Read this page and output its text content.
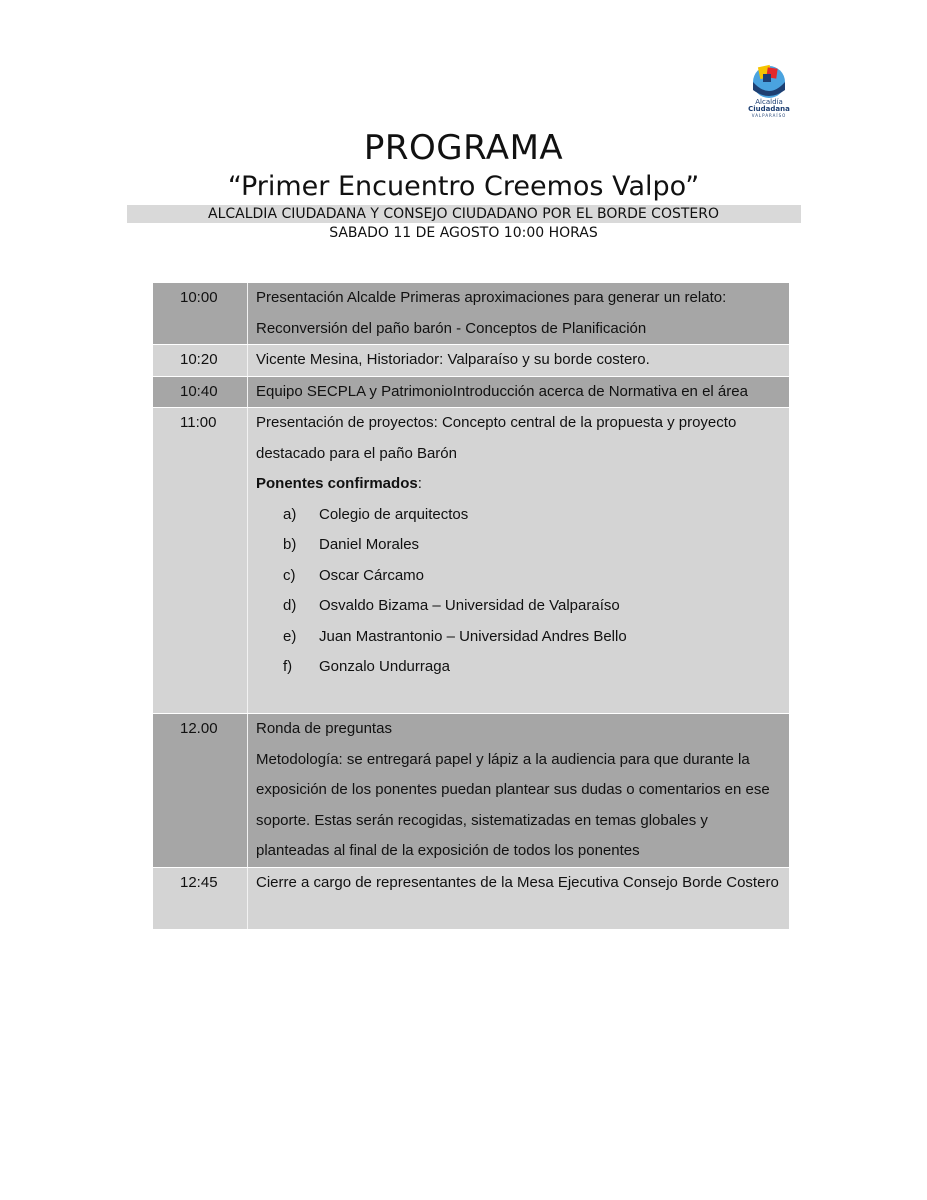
Alcaldía
Ciudadana
VALPARAÍSO
PROGRAMA
“Primer Encuentro Creemos Valpo”
ALCALDIA CIUDADANA Y CONSEJO CIUDADANO POR EL BORDE COSTERO
SABADO 11 DE AGOSTO 10:00 HORAS
10:00	Presentación Alcalde Primeras aproximaciones para generar un relato:

Reconversión del paño barón - Conceptos de Planificación

10:20	Vicente Mesina, Historiador: Valparaíso y su borde costero.

10:40	Equipo SECPLA y PatrimonioIntroducción acerca de Normativa en el área

11:00	Presentación de proyectos: Concepto central de la propuesta y proyecto

destacado para el paño Barón

Ponentes confirmados:

a)	Colegio de arquitectos
b)	Daniel Morales
c)	Oscar Cárcamo
d)	Osvaldo Bizama – Universidad de Valparaíso
e)	Juan Mastrantonio – Universidad Andres Bello
f)	Gonzalo Undurraga
12.00	Ronda de preguntas

Metodología: se entregará papel y lápiz a la audiencia para que durante la

exposición de los ponentes puedan plantear sus dudas o comentarios en ese

soporte. Estas serán recogidas, sistematizadas en temas globales y

planteadas al final de la exposición de todos los ponentes

12:45	Cierre a cargo de representantes de la Mesa Ejecutiva Consejo Borde Costero
